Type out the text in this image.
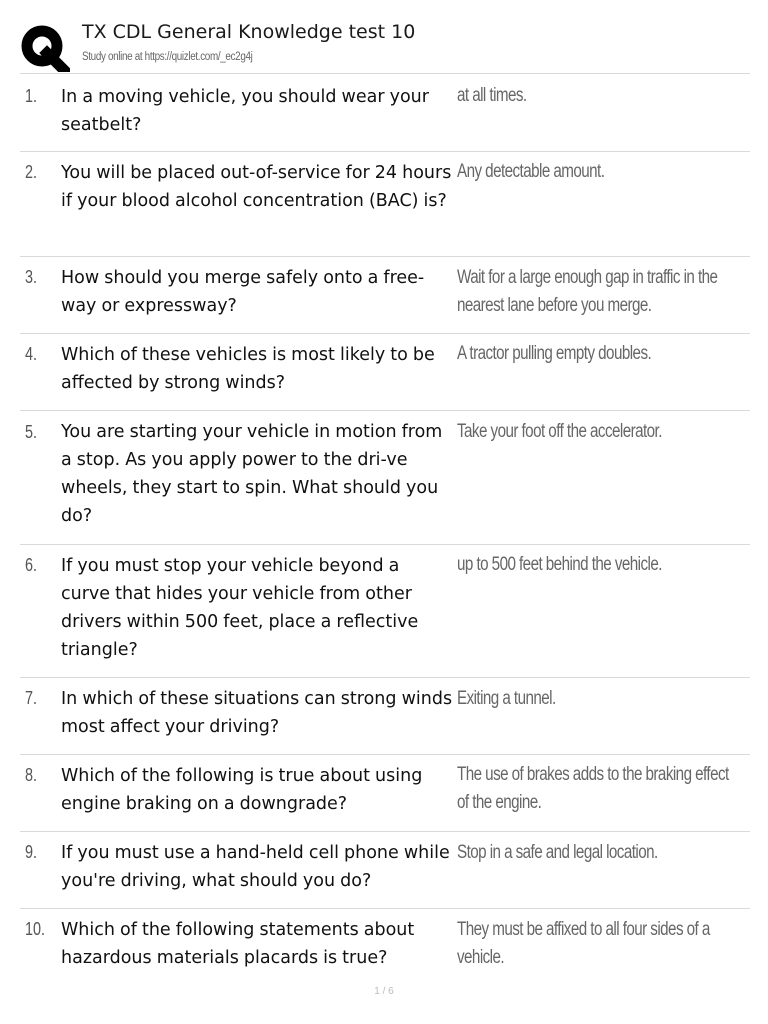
TX CDL General Knowledge test 10
Study online at https://quizlet.com/_ec2g4j
1. In a moving vehicle, you should wear your seatbelt?
at all times.
2. You will be placed out-of-service for 24 hours if your blood alcohol concentration (BAC) is?
Any detectable amount.
3. How should you merge safely onto a free-way or expressway?
Wait for a large enough gap in traffic in the nearest lane before you merge.
4. Which of these vehicles is most likely to be affected by strong winds?
A tractor pulling empty doubles.
5. You are starting your vehicle in motion from a stop. As you apply power to the dri-ve wheels, they start to spin. What should you do?
Take your foot off the accelerator.
6. If you must stop your vehicle beyond a curve that hides your vehicle from other drivers within 500 feet, place a reflective triangle?
up to 500 feet behind the vehicle.
7. In which of these situations can strong winds most affect your driving?
Exiting a tunnel.
8. Which of the following is true about using engine braking on a downgrade?
The use of brakes adds to the braking effect of the engine.
9. If you must use a hand-held cell phone while you're driving, what should you do?
Stop in a safe and legal location.
10. Which of the following statements about hazardous materials placards is true?
They must be affixed to all four sides of a vehicle.
1 / 6
